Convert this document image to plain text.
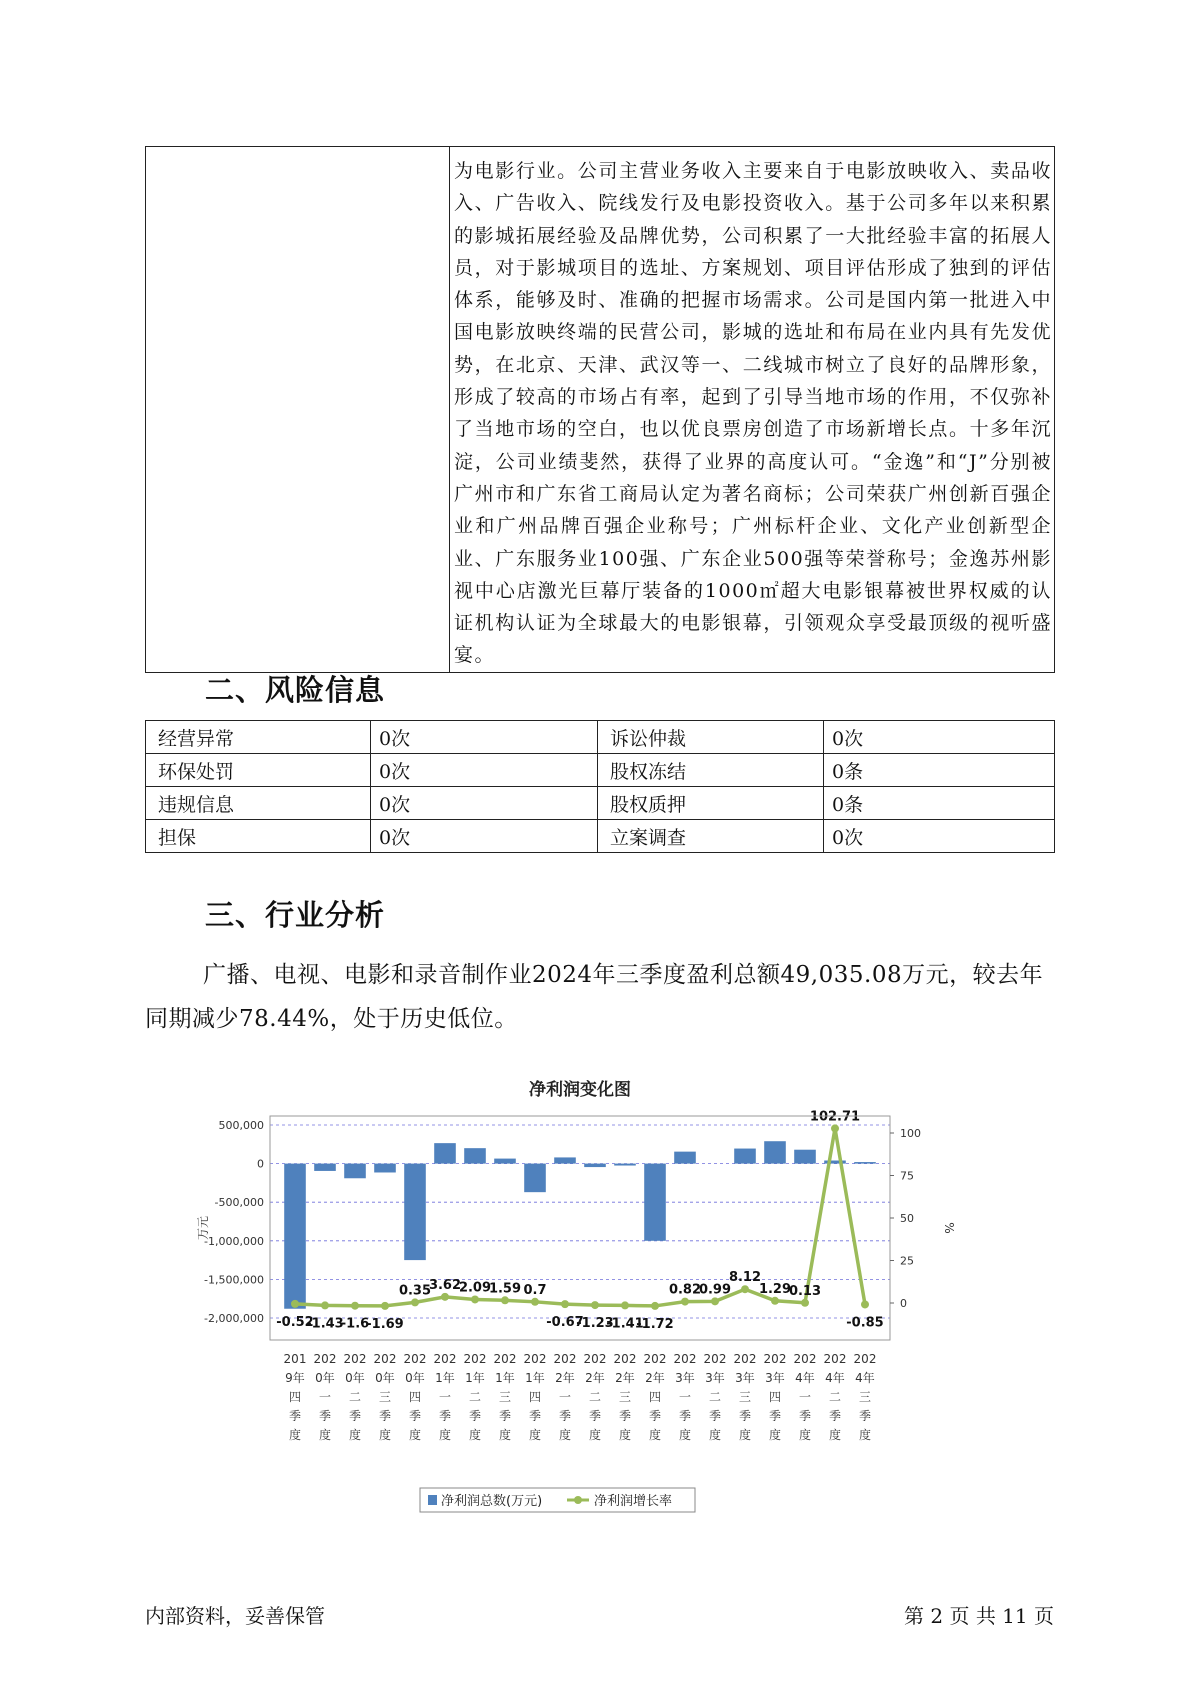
	为电影行业。公司主营业务收入主要来自于电影放映收入、卖品收入、广告收入、院线发行及电影投资收入。基于公司多年以来积累的影城拓展经验及品牌优势，公司积累了一大批经验丰富的拓展人员，对于影城项目的选址、方案规划、项目评估形成了独到的评估体系，能够及时、准确的把握市场需求。公司是国内第一批进入中国电影放映终端的民营公司，影城的选址和布局在业内具有先发优势，在北京、天津、武汉等一、二线城市树立了良好的品牌形象，形成了较高的市场占有率，起到了引导当地市场的作用，不仅弥补了当地市场的空白，也以优良票房创造了市场新增长点。十多年沉淀，公司业绩斐然，获得了业界的高度认可。“金逸”和“J”分别被广州市和广东省工商局认定为著名商标；公司荣获广州创新百强企业和广州品牌百强企业称号；广州标杆企业、文化产业创新型企业、广东服务业100强、广东企业500强等荣誉称号；金逸苏州影视中心店激光巨幕厅装备的1000㎡超大电影银幕被世界权威的认证机构认证为全球最大的电影银幕，引领观众享受最顶级的视听盛宴。
二、风险信息
经营异常	0次	诉讼仲裁	0次
环保处罚	0次	股权冻结	0条
违规信息	0次	股权质押	0条
担保	0次	立案调查	0次
三、行业分析
广播、电视、电影和录音制作业2024年三季度盈利总额49,035.08万元，较去年同期减少78.44%，处于历史低位。
净利润变化图
-0.52
-1.43
-1.6
-1.69
0.35
3.62
2.09
1.59 0.7
-0.67
-1.23
-1.41
-1.72
0.82
0.99
8.12
1.29
0.13
102.71
-0.85
500,000
0
-500,000
-1,000,000
-1,500,000
-2,000,000
100
75
50
25
0
万元	%
201 9年四季度
202 0年一季度
202 0年二季度
202 0年三季度
202 0年四季度
202 1年一季度
202 1年二季度
202 1年三季度
202 1年四季度
202 2年一季度
202 2年二季度
202 2年三季度
202 2年四季度
202 3年一季度
202 3年二季度
202 3年三季度
202 3年四季度
202 4年一季度
202 4年二季度
202 4年三季度
净利润总数(万元)	净利润增长率
内部资料，妥善保管	第 2 页 共 11 页
